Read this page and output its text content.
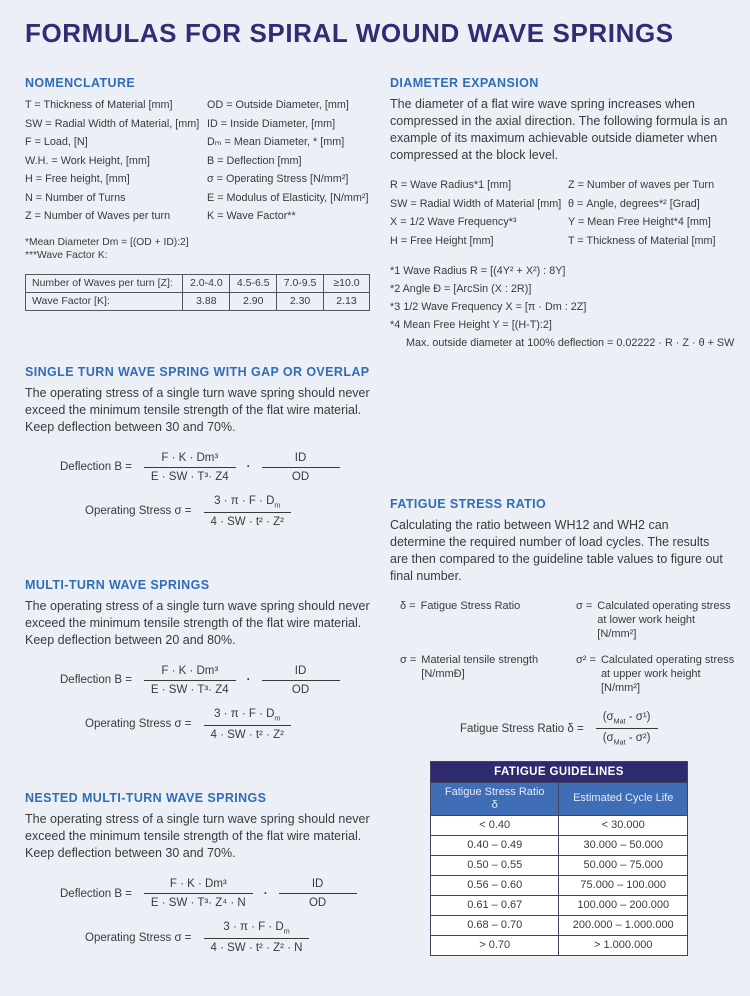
FORMULAS FOR SPIRAL WOUND WAVE SPRINGS
NOMENCLATURE
T = Thickness of Material [mm]	OD = Outside Diameter, [mm]
SW = Radial Width of Material, [mm] ID = Inside Diameter, [mm]
F = Load, [N]	Dₘ = Mean Diameter, * [mm]
W.H. = Work Height, [mm]	B = Deflection [mm]
H = Free height, [mm]	σ = Operating Stress [N/mm²]
N = Number of Turns	E = Modulus of Elasticity, [N/mm²]
Z = Number of Waves per turn	K = Wave Factor**
*Mean Diameter Dm = [(OD + ID):2]
***Wave Factor K:
Number of Waves per turn [Z]:	2.0-4.0	4.5-6.5	7.0-9.5	≥10.0
Wave Factor [K]:	3.88	2.90	2.30	2.13
SINGLE TURN WAVE SPRING WITH GAP OR OVERLAP

The operating stress of a single turn wave spring should never exceed the minimum tensile strength of the flat wire material. Keep deflection between 30 and 70%.

Deflection $B = \frac{\text{F · K · Dm³}}{\text{E · SW · T³· Z4}} \cdot \frac{ID}{OD}$
Operating Stress $\sigma = \frac{3 \cdot \pi \cdot F \cdot D_m}{\text{4 · SW · t² · Z²}}$
MULTI-TURN WAVE SPRINGS

The operating stress of a single turn wave spring should never exceed the minimum tensile strength of the flat wire material. Keep deflection between 20 and 80%.

Deflection $B = \frac{\text{F · K · Dm³}}{\text{E · SW · T³· Z4}} \cdot \frac{ID}{OD}$
Operating Stress $\sigma = \frac{3 \cdot \pi \cdot F \cdot D_m}{\text{4 · SW · t² · Z²}}$
NESTED MULTI-TURN WAVE SPRINGS

The operating stress of a single turn wave spring should never exceed the minimum tensile strength of the flat wire material. Keep deflection between 30 and 70%.

Deflection $B = \frac{\text{F · K · Dm³}}{\text{E · SW · T³· Z⁴ · N}} \cdot \frac{ID}{OD}$
Operating Stress $\sigma = \frac{3 \cdot \pi \cdot F \cdot D_m}{\text{4 · SW · t² · Z² · N}}$
DIAMETER EXPANSION

The diameter of a flat wire wave spring increases when compressed in the axial direction. The following formula is an example of its maximum achievable outside diameter when compressed at the block level.

R = Wave Radius*1 [mm]	Z = Number of waves per Turn
SW = Radial Width of Material [mm] θ = Angle, degrees*² [Grad]
X = 1/2 Wave Frequency*³	Y = Mean Free Height*4 [mm]
H = Free Height [mm]	T = Thickness of Material [mm]
*1 Wave Radius R = [(4Y² + X²) : 8Y]
*2 Angle Ð = [ArcSin (X : 2R)]
*3 1/2 Wave Frequency X = [π · Dm : 2Z]
*4 Mean Free Height Y = [(H-T):2]
Max. outside diameter at 100% deflection = 0.02222 · R · Z · θ + SW
FATIGUE STRESS RATIO

Calculating the ratio between WH12 and WH2 can determine the required number of load cycles. The results are then compared to the guideline table values to figure out final number.

δ = Fatigue Stress Ratio	σ = Calculated operating stress at lower work height [N/mm²]
σ = Material tensile strength [N/mmÐ]
σ² = Calculated operating stress at upper work height [N/mm²]
Fatigue Stress Ratio $\delta = \frac{(\sigma_{Mat} - \sigma^1)}{(\sigma_{Mat} - \sigma^2)}$
FATIGUE GUIDELINES	

Fatigue Stress Ratio
δ	Estimated Cycle Life
< 0.40	< 30.000
0.40 – 0.49	30.000 – 50.000
0.50 – 0.55	50.000 – 75.000
0.56 – 0.60	75.000 – 100.000
0.61 – 0.67	100.000 – 200.000
0.68 – 0.70	200.000 – 1.000.000
> 0.70	> 1.000.000
